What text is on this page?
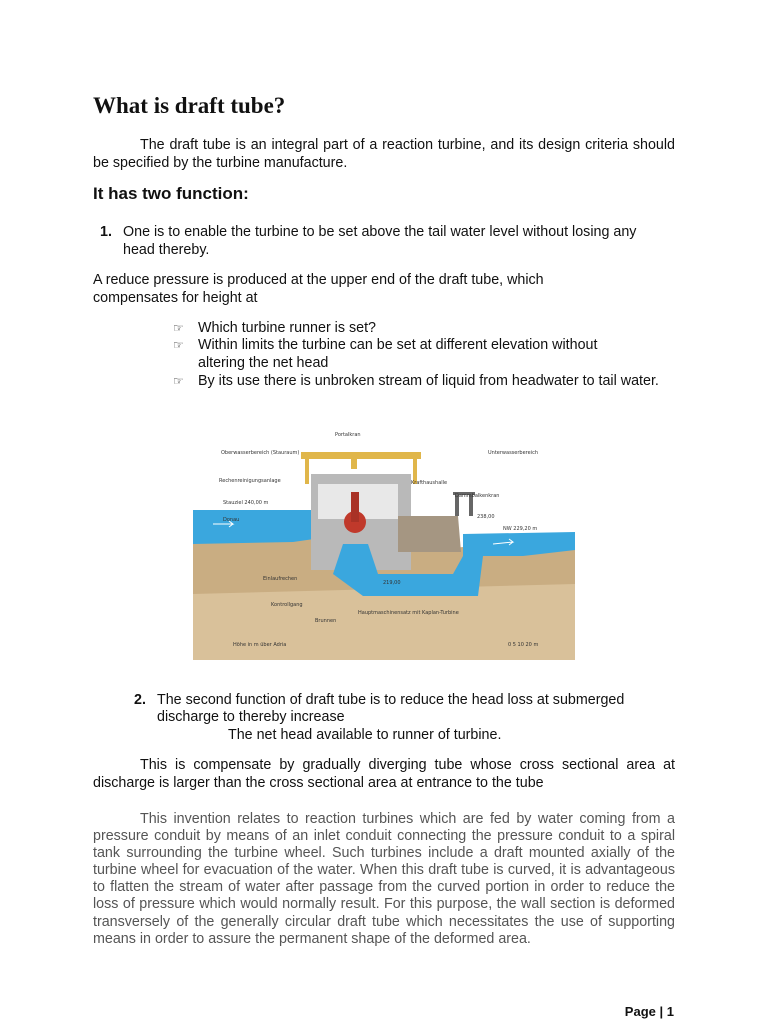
What is draft tube?
The draft tube is an integral part of a reaction turbine, and its design criteria should be specified by the turbine manufacture.
It has two function:
1. One is to enable the turbine to be set above the tail water level without losing any head thereby.
A reduce pressure is produced at the upper end of the draft tube, which compensates for height at
☞ Which turbine runner is set?
☞ Within limits the turbine can be set at different elevation without altering the net head
☞ By its use there is unbroken stream of liquid from headwater to tail water.
Portalkran
Oberwasserbereich (Stauraum)	Unterwasserbereich
Rechenreinigungsanlage	Krafthaushalle
Dammbalkenkran
Stauziel 240,00 m
Donau	238,00
NW 229,20 m
Einlaufrechen
Kontrollgang
Brunnen
Hauptmaschinensatz mit Kaplan-Turbine
219,00
Höhe in m über Adria	0 5 10 20 m
2. The second function of draft tube is to reduce the head loss at submerged
discharge to thereby increase
The net head available to runner of turbine.
This is compensate by gradually diverging tube whose cross sectional area at discharge is larger than the cross sectional area at entrance to the tube
This invention relates to reaction turbines which are fed by water coming from a pressure conduit by means of an inlet conduit connecting the pressure conduit to a spiral tank surrounding the turbine wheel. Such turbines include a draft mounted axially of the turbine wheel for evacuation of the water. When this draft tube is curved, it is advantageous to flatten the stream of water after passage from the curved portion in order to reduce the loss of pressure which would normally result. For this purpose, the wall section is deformed transversely of the generally circular draft tube which necessitates the use of supporting means in order to assure the permanent shape of the deformed area.
Page | 1
